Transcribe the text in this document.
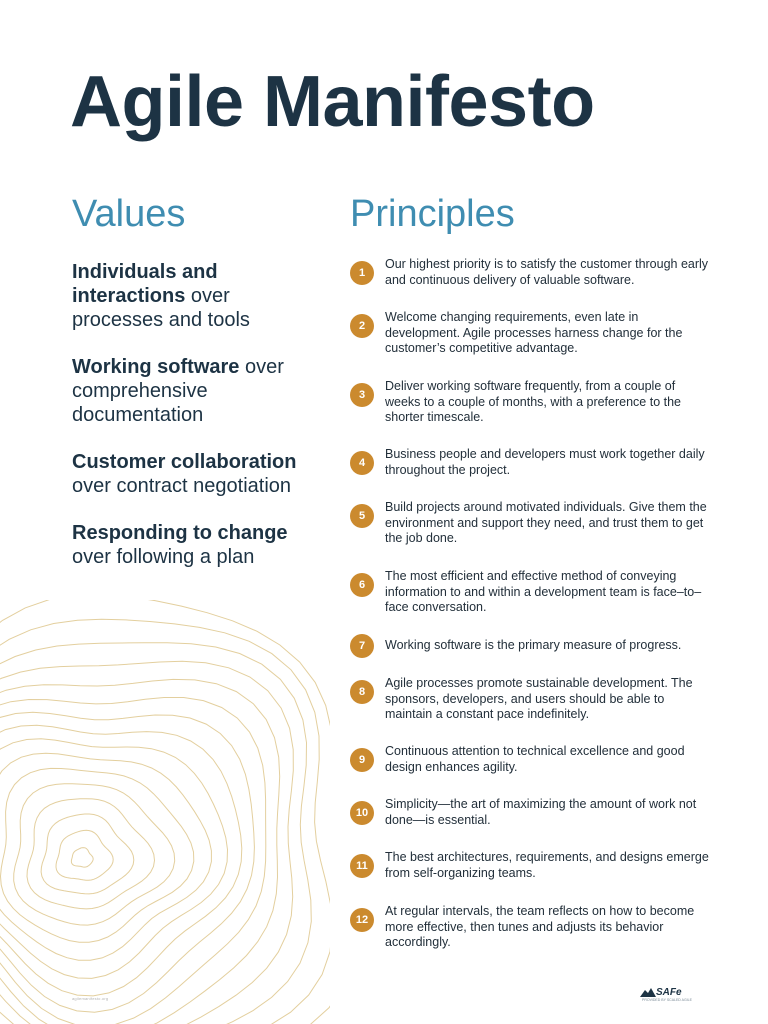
Agile Manifesto
Values	Principles
Individuals and interactions over processes and tools
Working software over comprehensive documentation
Customer collaboration over contract negotiation
Responding to change over following a plan
1
Our highest priority is to satisfy the customer through early and continuous delivery of valuable software.
2
Welcome changing requirements, even late in development. Agile processes harness change for the customer’s competitive advantage.
3
Deliver working software frequently, from a couple of weeks to a couple of months, with a preference to the shorter timescale.
4
Business people and developers must work together daily throughout the project.
5
Build projects around motivated individuals. Give them the environment and support they need, and trust them to get the job done.
6
The most efficient and effective method of conveying information to and within a development team is face–to–face conversation.
7	Working software is the primary measure of progress.
8
Agile processes promote sustainable development. The sponsors, developers, and users should be able to maintain a constant pace indefinitely.
9
Continuous attention to technical excellence and good design enhances agility.
10
Simplicity—the art of maximizing the amount of work not done—is essential.
11
The best architectures, requirements, and designs emerge from self-organizing teams.
12
At regular intervals, the team reflects on how to become more effective, then tunes and adjusts its behavior accordingly.
agilemanifesto.org
SAFe
PROVIDED BY SCALED AGILE
